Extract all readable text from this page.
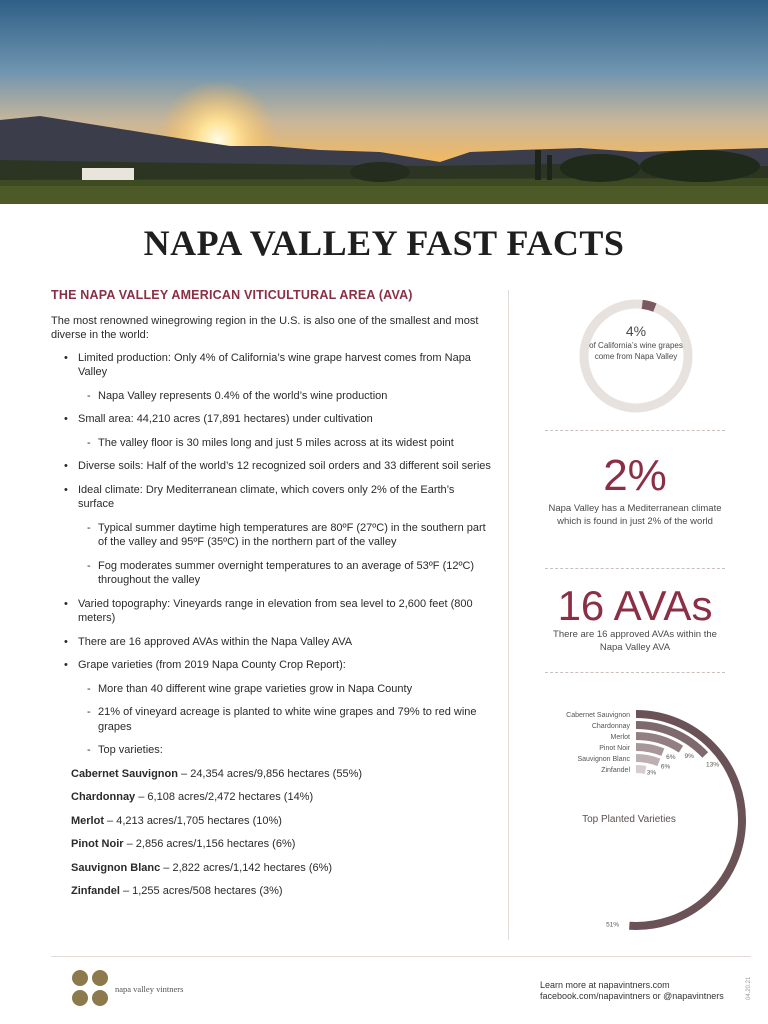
NAPA VALLEY FAST FACTS
THE NAPA VALLEY AMERICAN VITICULTURAL AREA (AVA)

The most renowned winegrowing region in the U.S. is also one of the smallest and most diverse in the world:

• Limited production: Only 4% of California’s wine grape harvest comes from Napa Valley
- Napa Valley represents 0.4% of the world’s wine production
• Small area: 44,210 acres (17,891 hectares) under cultivation
- The valley floor is 30 miles long and just 5 miles across at its widest point
• Diverse soils: Half of the world’s 12 recognized soil orders and 33 different soil series
• Ideal climate: Dry Mediterranean climate, which covers only 2% of the Earth’s surface
- Typical summer daytime high temperatures are 80ºF (27ºC) in the southern part of the valley and 95ºF (35ºC) in the northern part of the valley
- Fog moderates summer overnight temperatures to an average of 53ºF (12ºC) throughout the valley
• Varied topography: Vineyards range in elevation from sea level to 2,600 feet (800 meters)
• There are 16 approved AVAs within the Napa Valley AVA
• Grape varieties (from 2019 Napa County Crop Report):
- More than 40 different wine grape varieties grow in Napa County
- 21% of vineyard acreage is planted to white wine grapes and 79% to red wine grapes
- Top varieties:
Cabernet Sauvignon – 24,354 acres/9,856 hectares (55%)
Chardonnay – 6,108 acres/2,472 hectares (14%)
Merlot – 4,213 acres/1,705 hectares (10%)
Pinot Noir – 2,856 acres/1,156 hectares (6%)
Sauvignon Blanc – 2,822 acres/1,142 hectares (6%)
Zinfandel – 1,255 acres/508 hectares (3%)
4%
of California’s wine grapes come from Napa Valley
2%
Napa Valley has a Mediterranean climate which is found in just 2% of the world
16 AVAs
There are 16 approved AVAs within the Napa Valley AVA
Cabernet Sauvignon
51%
Chardonnay
13%
Merlot
9%
Pinot Noir
6%
Sauvignon Blanc
6%
Zinfandel	3%
Top Planted Varieties
napa valley vintners	Learn more at napavintners.com
facebook.com/napavintners or @napavintners	04.20.21
